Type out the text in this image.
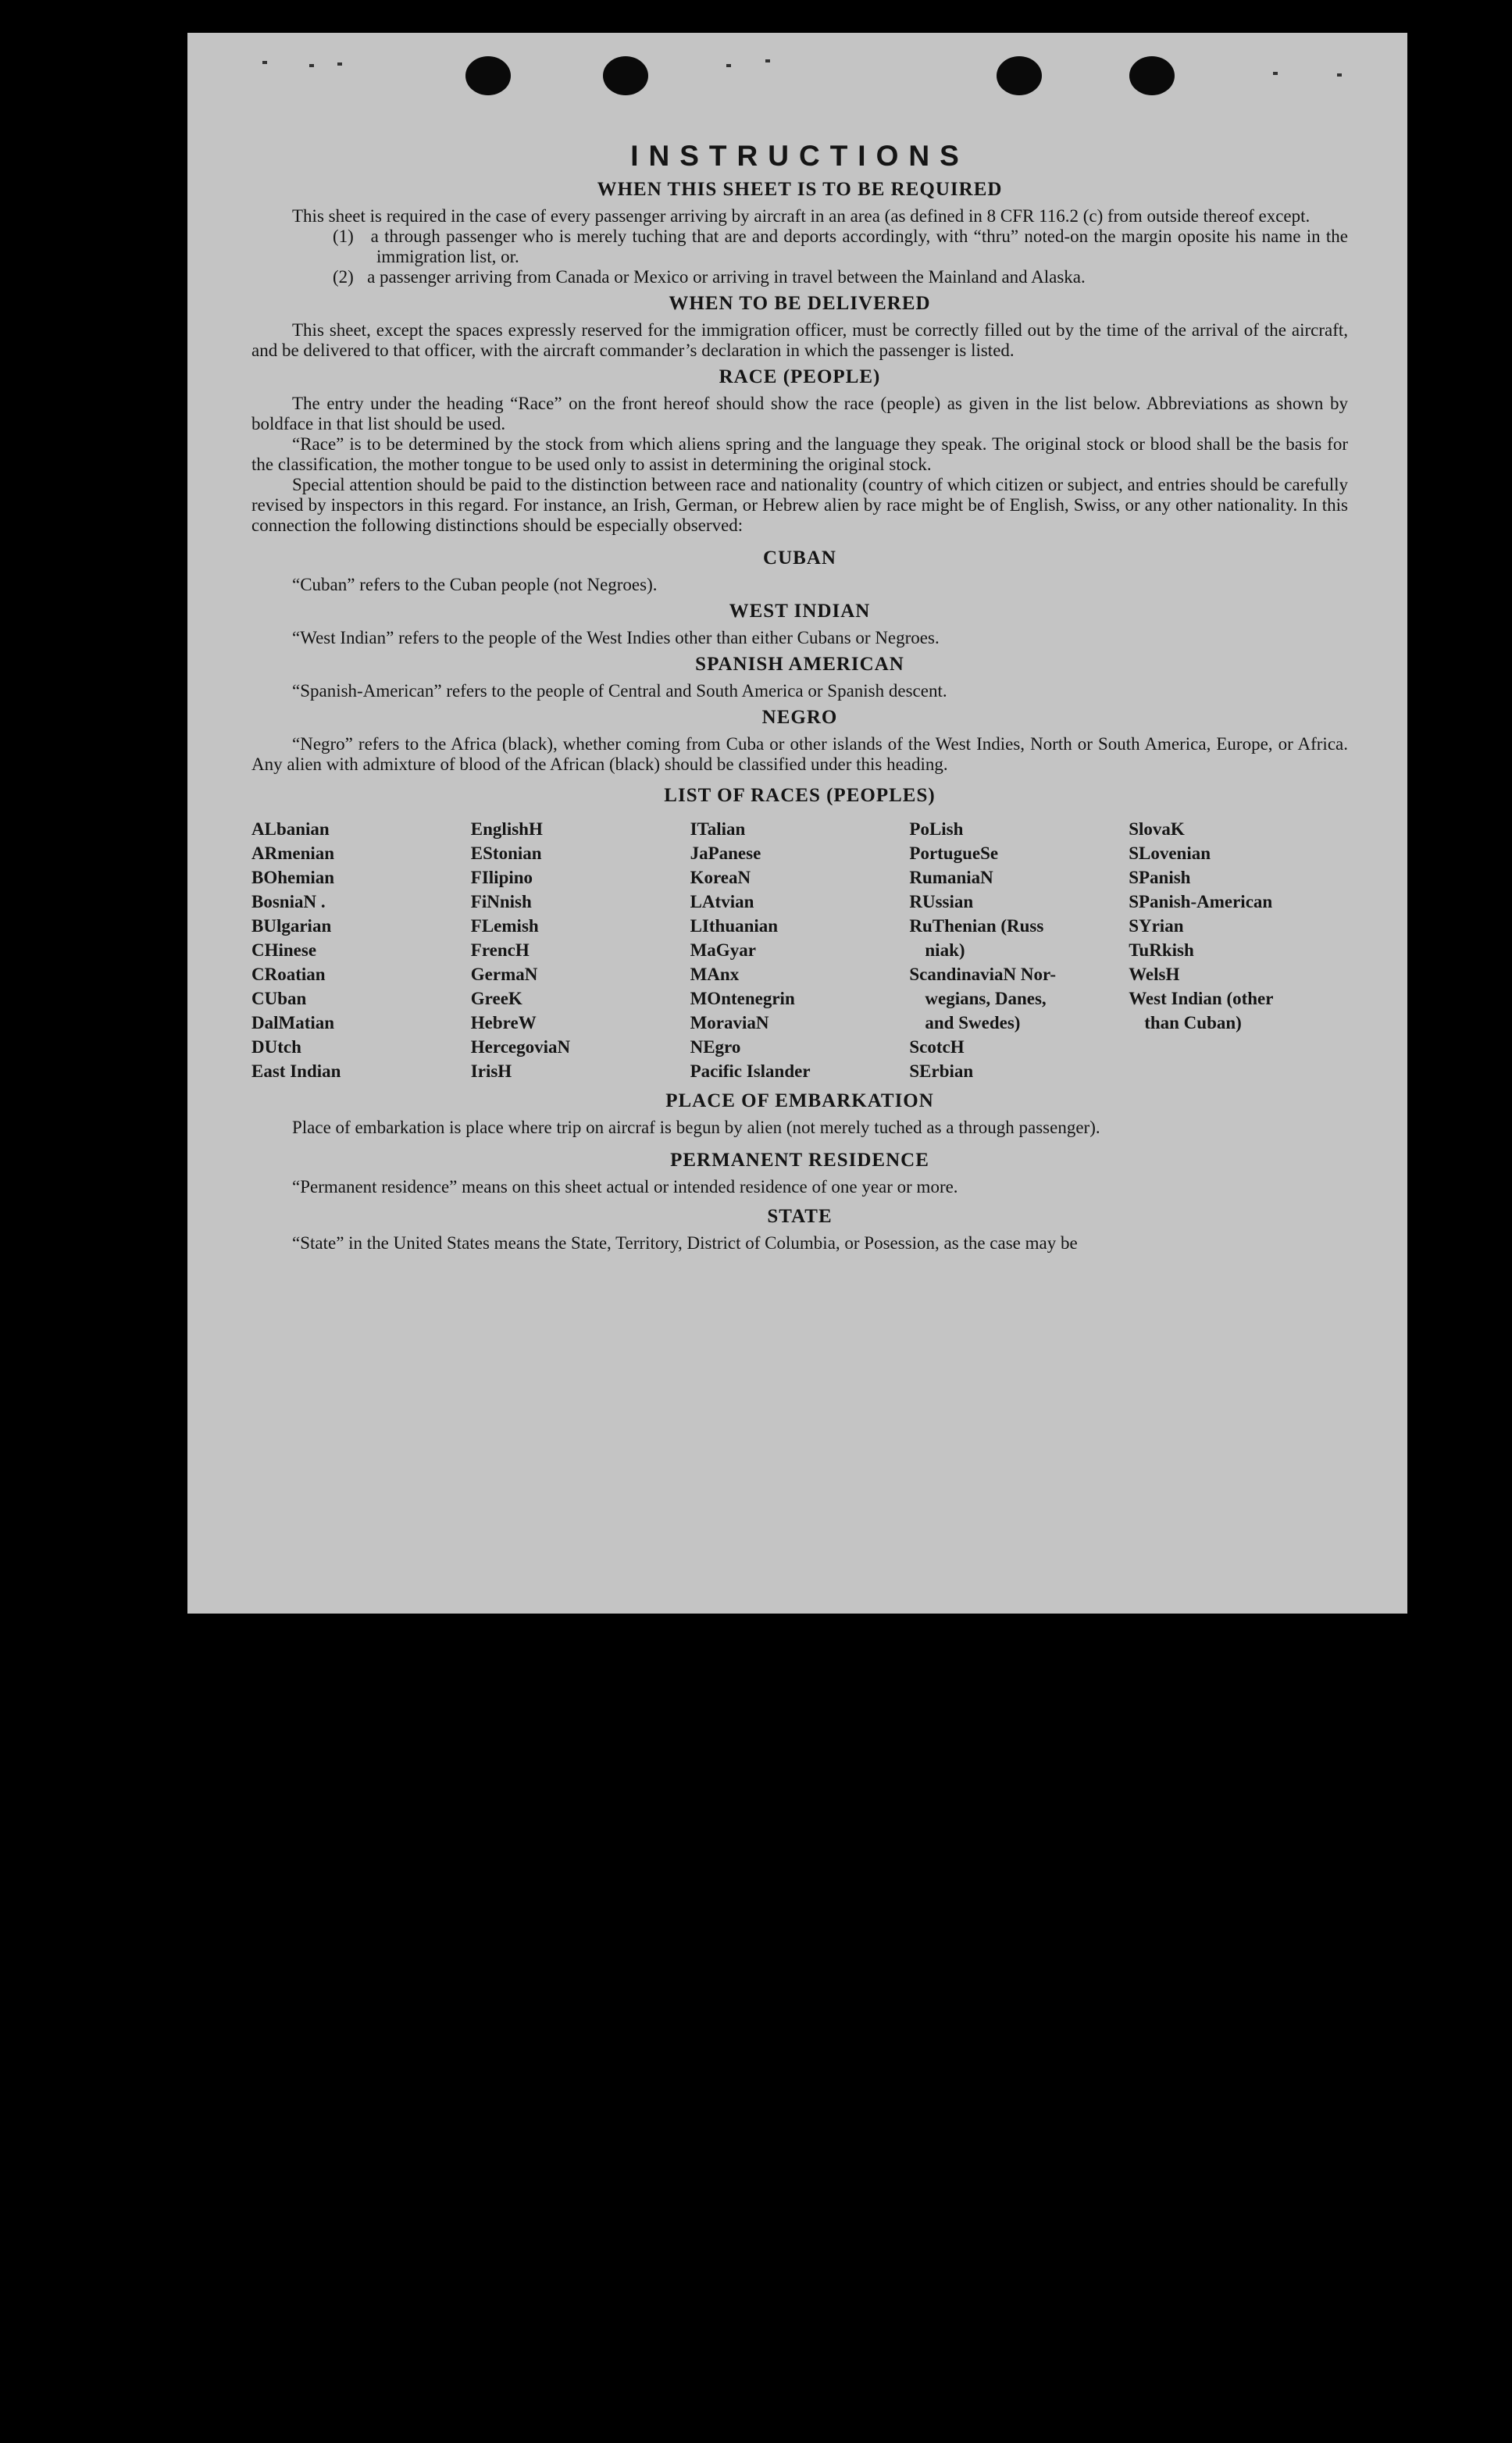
INSTRUCTIONS
WHEN THIS SHEET IS TO BE REQUIRED

This sheet is required in the case of every passenger arriving by aircraft in an area (as defined in 8 CFR 116.2 (c) from outside thereof except.

(1) a through passenger who is merely tuching that are and deports accordingly, with “thru” noted-on the margin oposite his name in the immigration list, or.
(2) a passenger arriving from Canada or Mexico or arriving in travel between the Mainland and Alaska.
WHEN TO BE DELIVERED

This sheet, except the spaces expressly reserved for the immigration officer, must be correctly filled out by the time of the arrival of the aircraft, and be delivered to that officer, with the aircraft commander’s declaration in which the passenger is listed.

RACE (PEOPLE)

The entry under the heading “Race” on the front hereof should show the race (people) as given in the list below. Abbreviations as shown by boldface in that list should be used.

“Race” is to be determined by the stock from which aliens spring and the language they speak. The original stock or blood shall be the basis for the classification, the mother tongue to be used only to assist in determining the original stock.

Special attention should be paid to the distinction between race and nationality (country of which citizen or subject, and entries should be carefully revised by inspectors in this regard. For instance, an Irish, German, or Hebrew alien by race might be of English, Swiss, or any other nationality. In this connection the following distinctions should be especially observed:

CUBAN

“Cuban” refers to the Cuban people (not Negroes).

WEST INDIAN

“West Indian” refers to the people of the West Indies other than either Cubans or Negroes.

SPANISH AMERICAN

“Spanish-American” refers to the people of Central and South America or Spanish descent.

NEGRO

“Negro” refers to the Africa (black), whether coming from Cuba or other islands of the West Indies, North or South America, Europe, or Africa. Any alien with admixture of blood of the African (black) should be classified under this heading.

LIST OF RACES (PEOPLES)
ALbanian
ARmenian
BOhemian
BosniaN .
BUlgarian
CHinese
CRoatian
CUban
DalMatian
DUtch
East Indian
EnglishH
EStonian
FIlipino
FiNnish
FLemish
FrencH
GermaN
GreeK
HebreW
HercegoviaN
IrisH
ITalian
JaPanese
KoreaN
LAtvian
LIthuanian
MaGyar
MAnx
MOntenegrin
MoraviaN
NEgro
Pacific Islander
PoLish
PortugueSe
RumaniaN
RUssian
RuThenian (Russ
niak)
ScandinaviaN Nor-
wegians, Danes,
and Swedes)
ScotcH
SErbian
SlovaK
SLovenian
SPanish
SPanish-American
SYrian
TuRkish
WelsH
West Indian (other
than Cuban)
PLACE OF EMBARKATION

Place of embarkation is place where trip on aircraf is begun by alien (not merely tuched as a through passenger).

PERMANENT RESIDENCE

“Permanent residence” means on this sheet actual or intended residence of one year or more.

STATE

“State” in the United States means the State, Territory, District of Columbia, or Posession, as the case may be
